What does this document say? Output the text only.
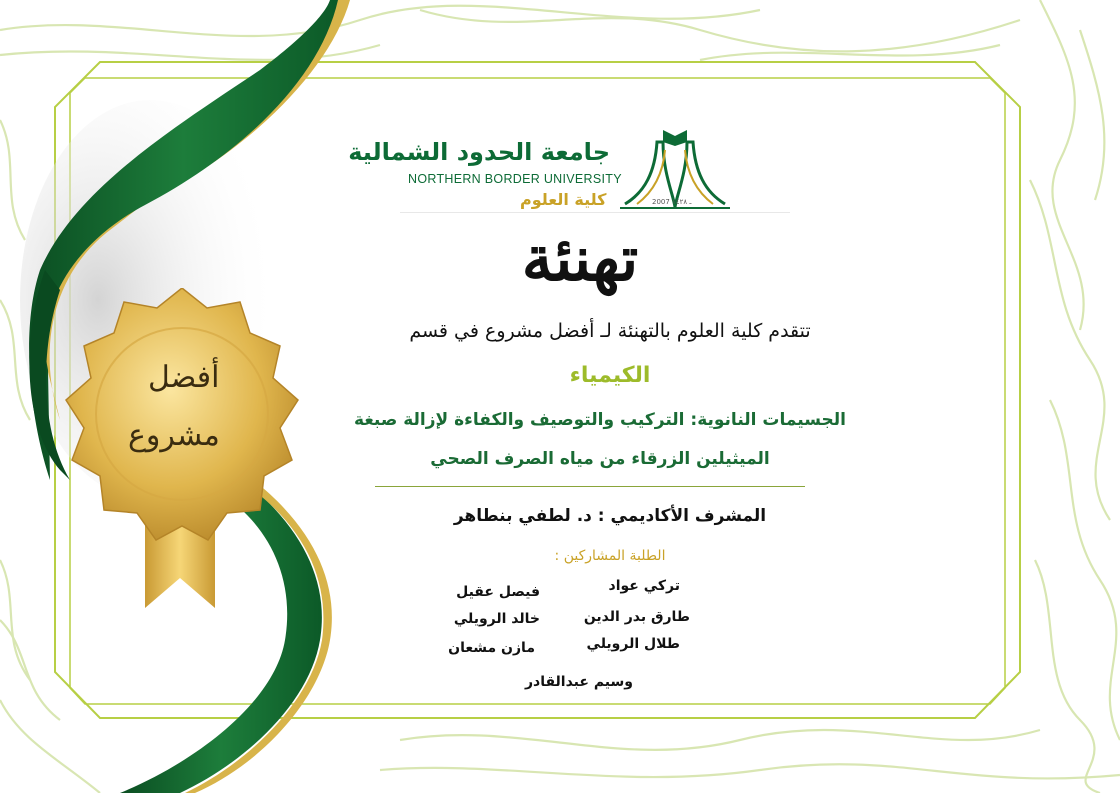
أفضل
مشروع
جامعة الحدود الشمالية
NORTHERN BORDER UNIVERSITY
كلية العلوم	2007 ـ ١٤٢٨
تهنئة
تتقدم كلية العلوم بالتهنئة لـ أفضل مشروع في قسم
الكيمياء
الجسيمات النانوية: التركيب والتوصيف والكفاءة لإزالة صبغة
الميثيلين الزرقاء من مياه الصرف الصحي
المشرف الأكاديمي : د. لطفي بنطاهر
الطلبة المشاركين :
تركي عواد
فيصل عقيل
طارق بدر الدين
خالد الرويلي
طلال الرويلي
مازن مشعان
وسيم عبدالقادر
